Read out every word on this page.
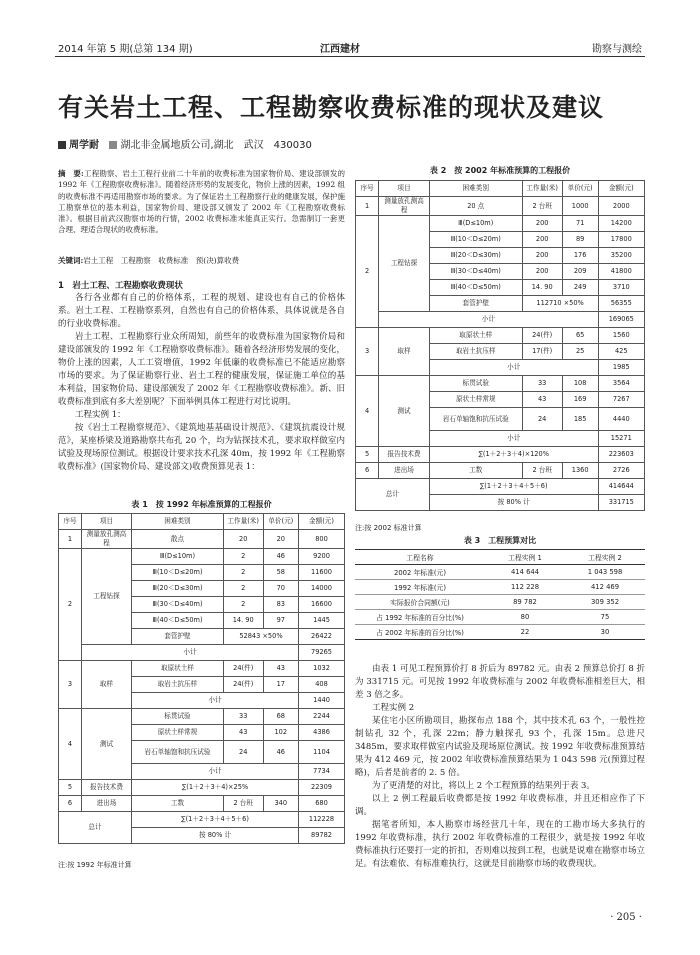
2014 年第 5 期(总第 134 期)	江西建材	勘察与测绘
有关岩土工程、工程勘察收费标准的现状及建议
周学耐 湖北非金属地质公司,湖北　武汉　430030

摘　要:工程勘察、岩土工程行业前二十年前的收费标准为国家物价局、建设部颁发的 1992 年《工程勘察收费标准》。随着经济形势的发展变化，物价上涨的因素，1992 组的收费标准不再适用勘察市场的要求。为了保证岩土工程勘察行业的健康发展，保护施工勘察单位的基本利益，国家物价局、建设部又颁发了 2002 年《工程勘察收费标准》。根据目前武汉勘察市场的行情，2002 收费标准未能真正实行。急需制订一套更合理、理适合现状的收费标准。

关键词:岩土工程　工程勘察　收费标准　预(决)算收费
1　岩土工程、工程勘察收费现状

各行各业都有自己的价格体系，工程的规划、建设也有自己的价格体系。岩土工程、工程勘察系列，自然也有自己的价格体系，具体说就是各自的行业收费标准。

岩土工程、工程勘察行业众所周知，前些年的收费标准为国家物价局和建设部颁发的 1992 年《工程勘察收费标准》。随着各经济形势发展的变化，物价上涨的因素，人工工资增值，1992 年低廉的收费标准已不能适应勘察市场的要求。为了保证勘察行业、岩土工程的健康发展，保证施工单位的基本利益，国家物价局、建设部颁发了 2002 年《工程勘察收费标准》。新、旧收费标准到底有多大差别呢？下面举例具体工程进行对比说明。

工程实例 1：

按《岩土工程勘察规范》、《建筑地基基础设计规范》、《建筑抗震设计规范》，某座桥梁及道路勘察共布孔 20 个，均为钻探技术孔，要求取样做室内试验及现场原位测试。根据设计要求技术孔深 40m，按 1992 年《工程勘察收费标准》(国家物价局、建设部文)收费预算见表 1：

表 1　按 1992 年标准预算的工程报价
序号	项目	困难类别	工作量(米)	单价(元)	金额(元)
1	测量放孔测高程	散点	20	20	800
2	工程钻探	Ⅲ(D≤10m)	2	46	9200
		Ⅲ(10＜D≤20m)	2	58	11600
		Ⅲ(20＜D≤30m)	2	70	14000
		Ⅲ(30＜D≤40m)	2	83	16600
		Ⅲ(40＜D≤50m)	14. 90	97	1445
		套管护壁	52843 ×50%		26422
	小计				79265
3	取样	取原状土样	24(件)	43	1032
		取岩土抗压样	24(件)	17	408
		小计			1440
4	测试	标贯试验	33	68	2244
		原状土样常规	43	102	4386
		岩石单轴饱和抗压试验	24	46	1104
		小计			7734
5	报告技术费	∑(1＋2＋3＋4)×25%			22309
6	进出场	工数	2 台班	340	680
总计		∑(1＋2＋3＋4＋5＋6)			112228
		按 80% 计			89782
注:按 1992 年标准计算
表 2　按 2002 年标准预算的工程报价
序号	项目	困难类别	工作量(米)	单价(元)	金额(元)
1	测量放孔测高程	20 点	2 台班	1000	2000
2	工程钻探	Ⅲ(D≤10m)	200	71	14200
		Ⅲ(10＜D≤20m)	200	89	17800
		Ⅲ(20＜D≤30m)	200	176	35200
		Ⅲ(30＜D≤40m)	200	209	41800
		Ⅲ(40＜D≤50m)	14. 90	249	3710
		套管护壁	112710 ×50%		56355
	小计				169065
3	取样	取原状土样	24(件)	65	1560
		取岩土抗压样	17(件)	25	425
		小计			1985
4	测试	标贯试验	33	108	3564
		原状土样常规	43	169	7267
		岩石单轴饱和抗压试验	24	185	4440
		小计			15271
5	报告技术费	∑(1＋2＋3＋4)×120%			223603
6	进出场	工数	2 台班	1360	2726
总计		∑(1＋2＋3＋4＋5＋6)			414644
		按 80% 计			331715
注:按 2002 标准计算
表 3　工程预算对比
工程名称	工程实例 1	工程实例 2
2002 年标准(元)	414 644	1 043 598
1992 年标准(元)	112 228	412 469
实际报价合同额(元)	89 782	309 352
占 1992 年标准的百分比(%)	80	75
占 2002 年标准的百分比(%)	22	30

由表 1 可见工程预算价打 8 折后为 89782 元。由表 2 预算总价打 8 折为 331715 元。可见按 1992 年收费标准与 2002 年收费标准相差巨大，相差 3 倍之多。

工程实例 2

某住宅小区所勘项目，勘探布点 188 个，其中技术孔 63 个，一般性控制钻孔 32 个，孔深 22m；静力触探孔 93 个，孔深 15m。总进尺 3485m，要求取样做室内试验及现场原位测试。按 1992 年收费标准预算结果为 412 469 元，按 2002 年收费标准预算结果为 1 043 598 元(预算过程略)，后者是前者的 2. 5 倍。

为了更清楚的对比，将以上 2 个工程预算的结果列于表 3。

以上 2 例工程最后收费都是按 1992 年收费标准，并且还相应作了下调。

据笔者所知，本人勘察市场经营几十年，现在的工勘市场大多执行的 1992 年收费标准，执行 2002 年收费标准的工程很少，就是按 1992 年收费标准执行还要打一定的折扣，否则难以按到工程，也就是说难在勘察市场立足。有法难依、有标准难执行，这就是目前勘察市场的收费现状。

· 205 ·
